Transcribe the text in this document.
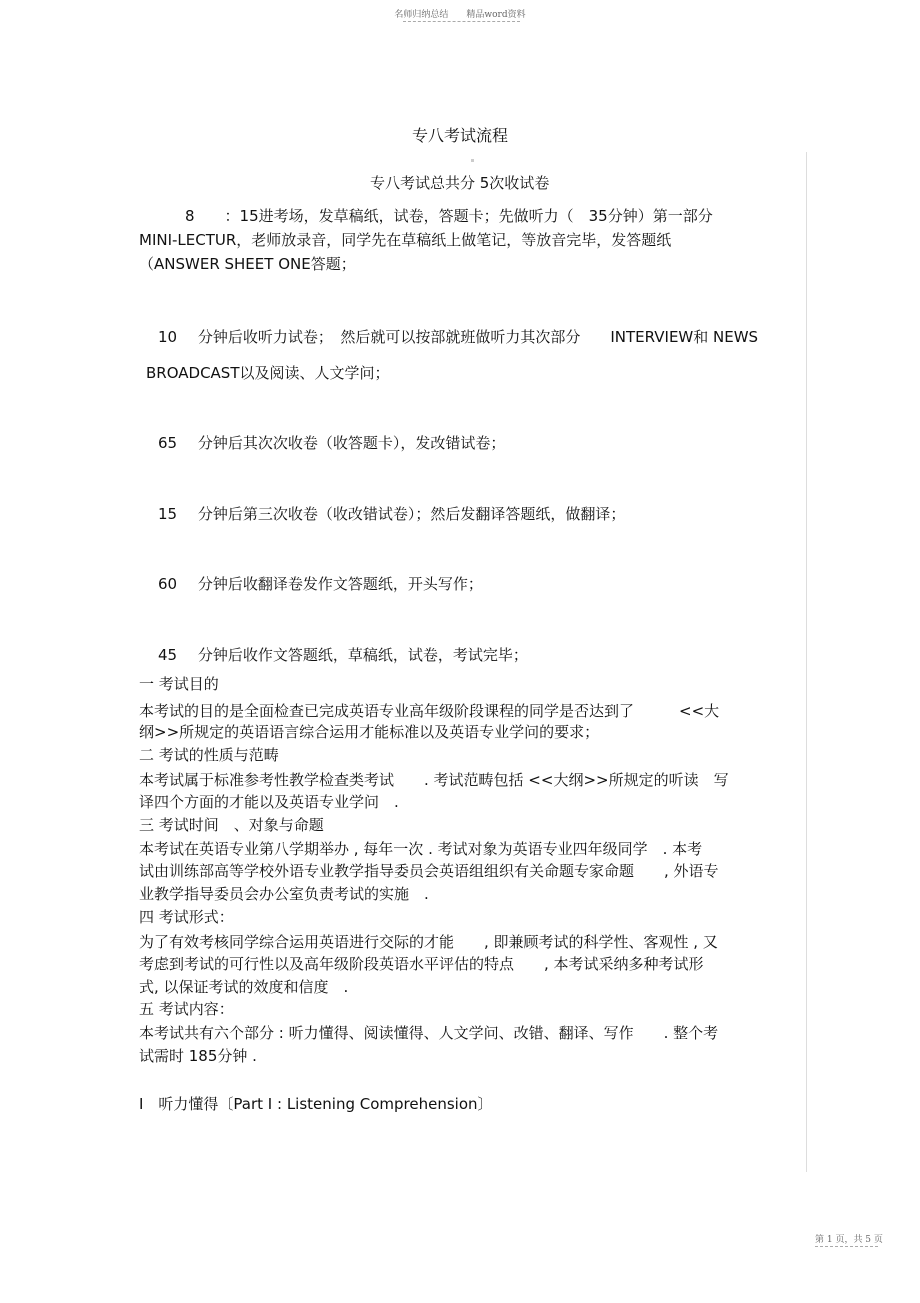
名师归纳总结　　精品word资料
专八考试流程
专八考试总共分 5次收试卷
8　　：15进考场，发草稿纸，试卷，答题卡；先做听力（　35分钟）第一部分
MINI-LECTUR，老师放录音，同学先在草稿纸上做笔记，等放音完毕，发答题纸
（ANSWER SHEET ONE答题；
10 分钟后收听力试卷；　然后就可以按部就班做听力其次部分　　INTERVIEW和 NEWS
BROADCAST以及阅读、人文学问；
65 分钟后其次次收卷（收答题卡），发改错试卷；
15 分钟后第三次收卷（收改错试卷）；然后发翻译答题纸，做翻译；
60 分钟后收翻译卷发作文答题纸，开头写作；
45 分钟后收作文答题纸，草稿纸，试卷，考试完毕；
一 考试目的
本考试的目的是全面检查已完成英语专业高年级阶段课程的同学是否达到了　　　<<大
纲>>所规定的英语语言综合运用才能标准以及英语专业学问的要求；
二 考试的性质与范畴
本考试属于标准参考性教学检查类考试　　. 考试范畴包括 <<大纲>>所规定的听读　写
译四个方面的才能以及英语专业学问　.
三 考试时间　、对象与命题
本考试在英语专业第八学期举办 , 每年一次 . 考试对象为英语专业四年级同学　. 本考
试由训练部高等学校外语专业教学指导委员会英语组组织有关命题专家命题　　, 外语专
业教学指导委员会办公室负责考试的实施　.
四 考试形式：
为了有效考核同学综合运用英语进行交际的才能　　, 即兼顾考试的科学性、客观性 , 又
考虑到考试的可行性以及高年级阶段英语水平评估的特点　　, 本考试采纳多种考试形
式, 以保证考试的效度和信度　.
五 考试内容：
本考试共有六个部分 : 听力懂得、阅读懂得、人文学问、改错、翻译、写作　　. 整个考
试需时 185分钟 .
I　听力懂得〔Part I : Listening Comprehension〕
第 1 页，共 5 页
